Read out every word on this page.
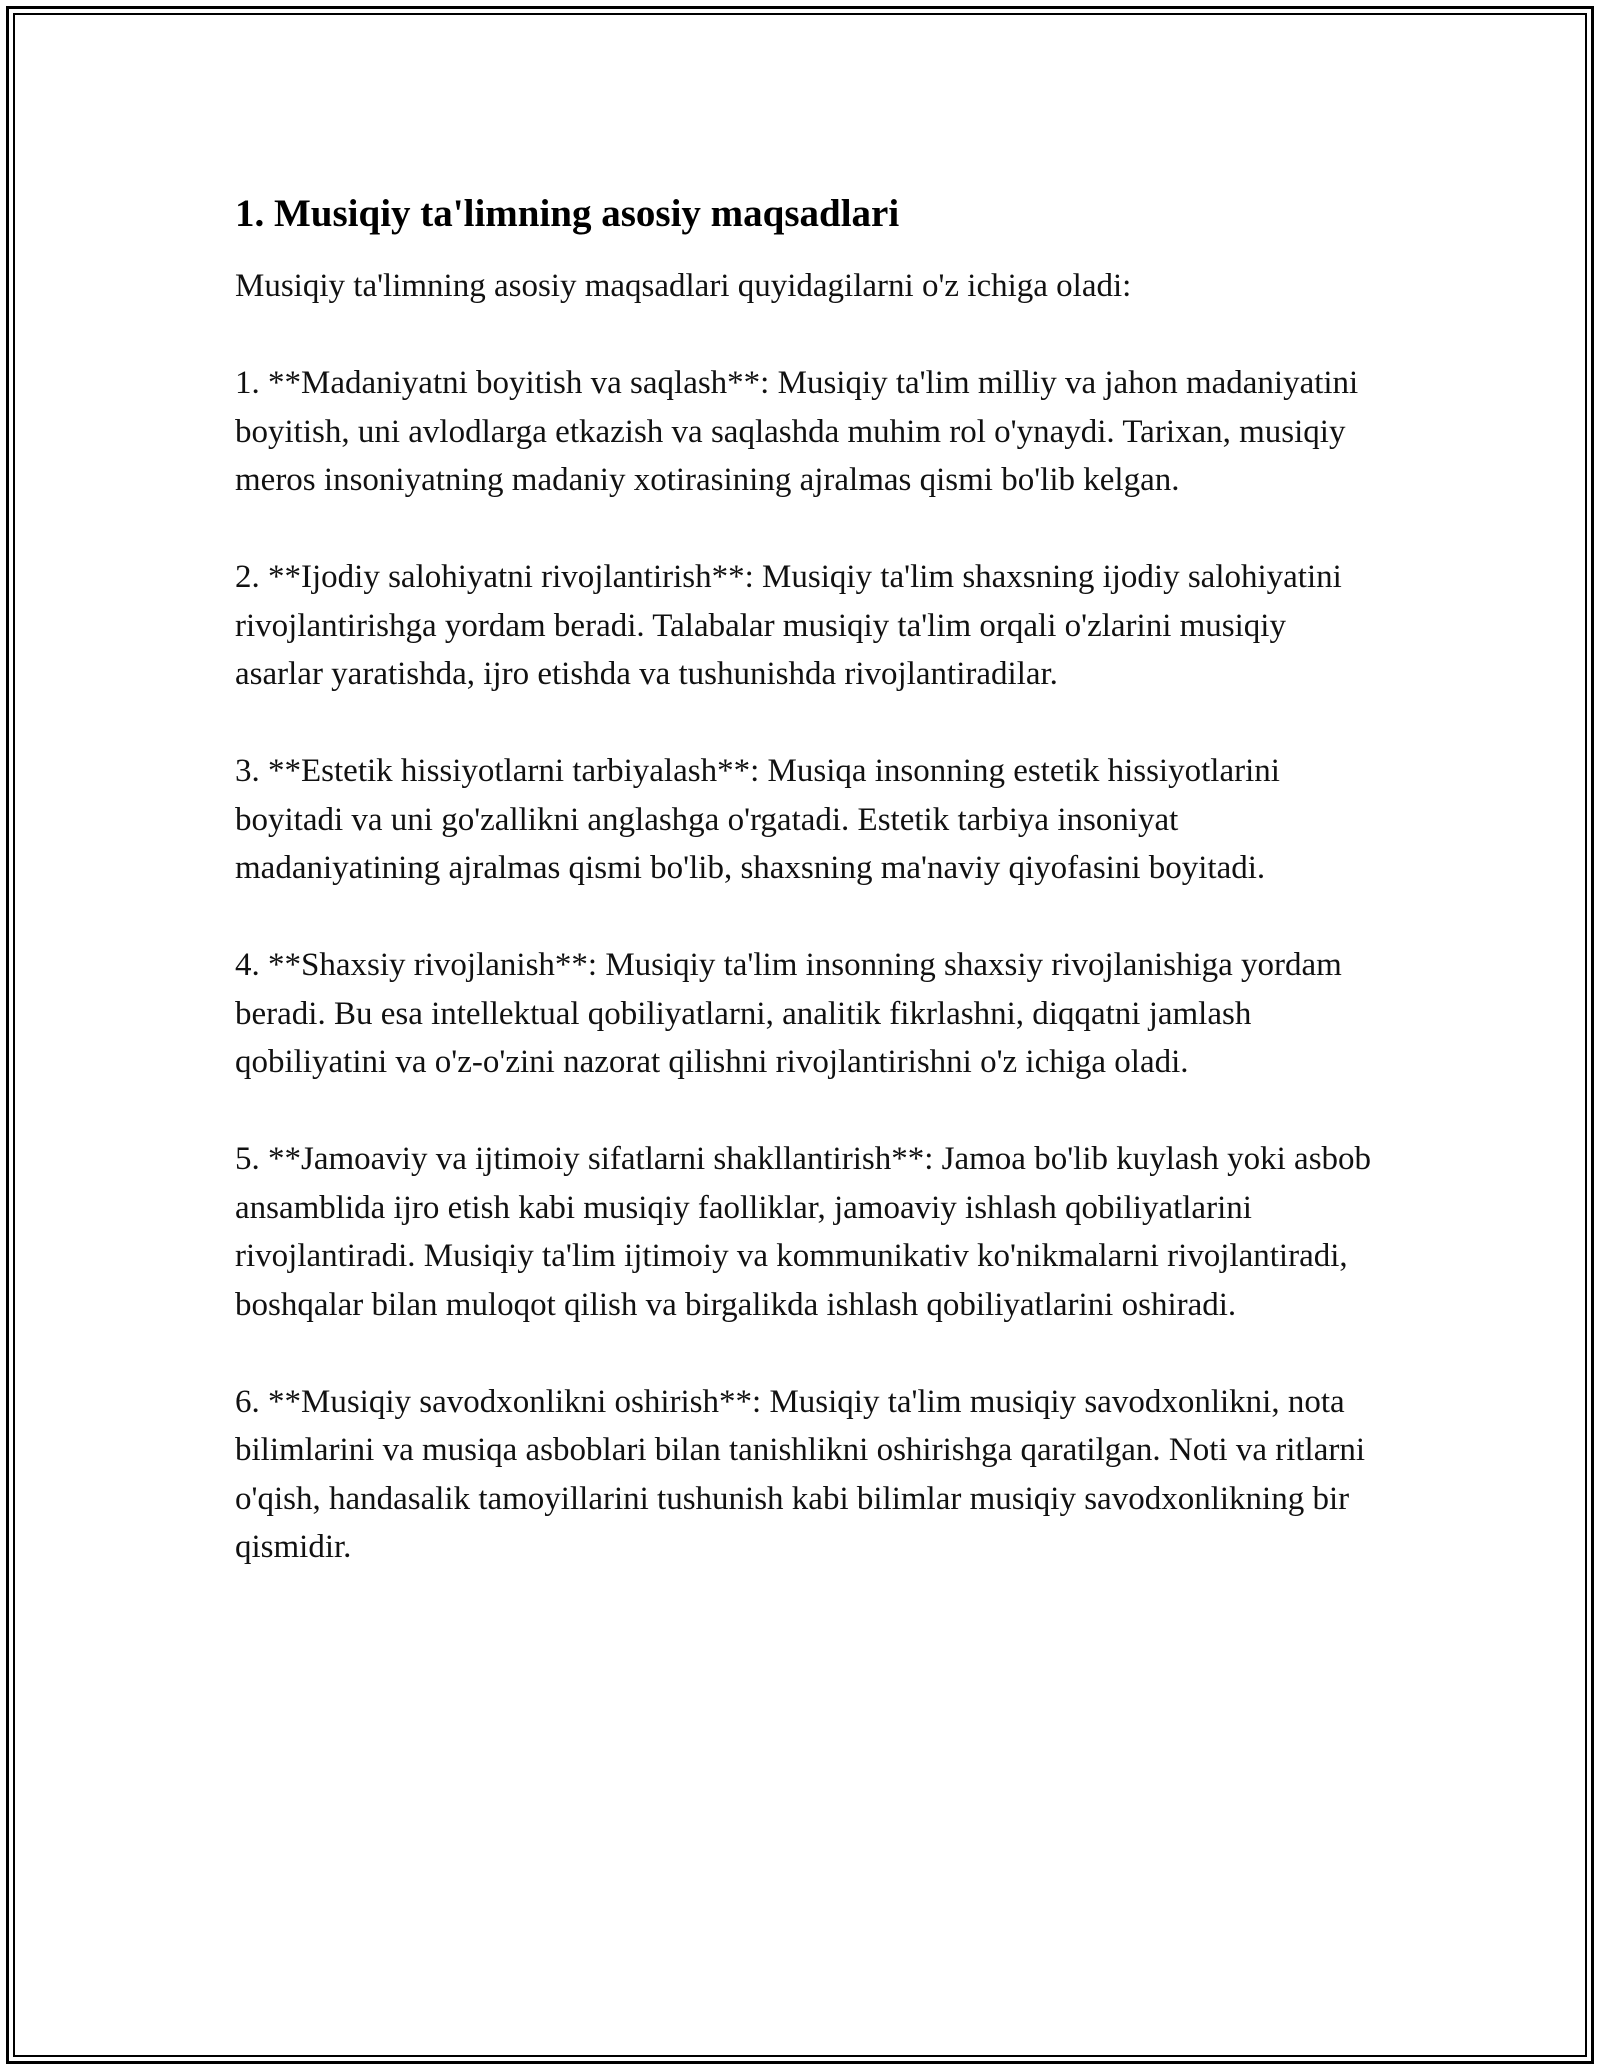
1. Musiqiy ta'limning asosiy maqsadlari

Musiqiy ta'limning asosiy maqsadlari quyidagilarni o'z ichiga oladi:

1. **Madaniyatni boyitish va saqlash**: Musiqiy ta'lim milliy va jahon madaniyatini boyitish, uni avlodlarga etkazish va saqlashda muhim rol o'ynaydi. Tarixan, musiqiy meros insoniyatning madaniy xotirasining ajralmas qismi bo'lib kelgan.

2. **Ijodiy salohiyatni rivojlantirish**: Musiqiy ta'lim shaxsning ijodiy salohiyatini rivojlantirishga yordam beradi. Talabalar musiqiy ta'lim orqali o'zlarini musiqiy asarlar yaratishda, ijro etishda va tushunishda rivojlantiradilar.

3. **Estetik hissiyotlarni tarbiyalash**: Musiqa insonning estetik hissiyotlarini boyitadi va uni go'zallikni anglashga o'rgatadi. Estetik tarbiya insoniyat madaniyatining ajralmas qismi bo'lib, shaxsning ma'naviy qiyofasini boyitadi.

4. **Shaxsiy rivojlanish**: Musiqiy ta'lim insonning shaxsiy rivojlanishiga yordam beradi. Bu esa intellektual qobiliyatlarni, analitik fikrlashni, diqqatni jamlash qobiliyatini va o'z-o'zini nazorat qilishni rivojlantirishni o'z ichiga oladi.

5. **Jamoaviy va ijtimoiy sifatlarni shakllantirish**: Jamoa bo'lib kuylash yoki asbob ansamblida ijro etish kabi musiqiy faolliklar, jamoaviy ishlash qobiliyatlarini rivojlantiradi. Musiqiy ta'lim ijtimoiy va kommunikativ ko'nikmalarni rivojlantiradi, boshqalar bilan muloqot qilish va birgalikda ishlash qobiliyatlarini oshiradi.

6. **Musiqiy savodxonlikni oshirish**: Musiqiy ta'lim musiqiy savodxonlikni, nota bilimlarini va musiqa asboblari bilan tanishlikni oshirishga qaratilgan. Noti va ritlarni o'qish, handasalik tamoyillarini tushunish kabi bilimlar musiqiy savodxonlikning bir qismidir.
